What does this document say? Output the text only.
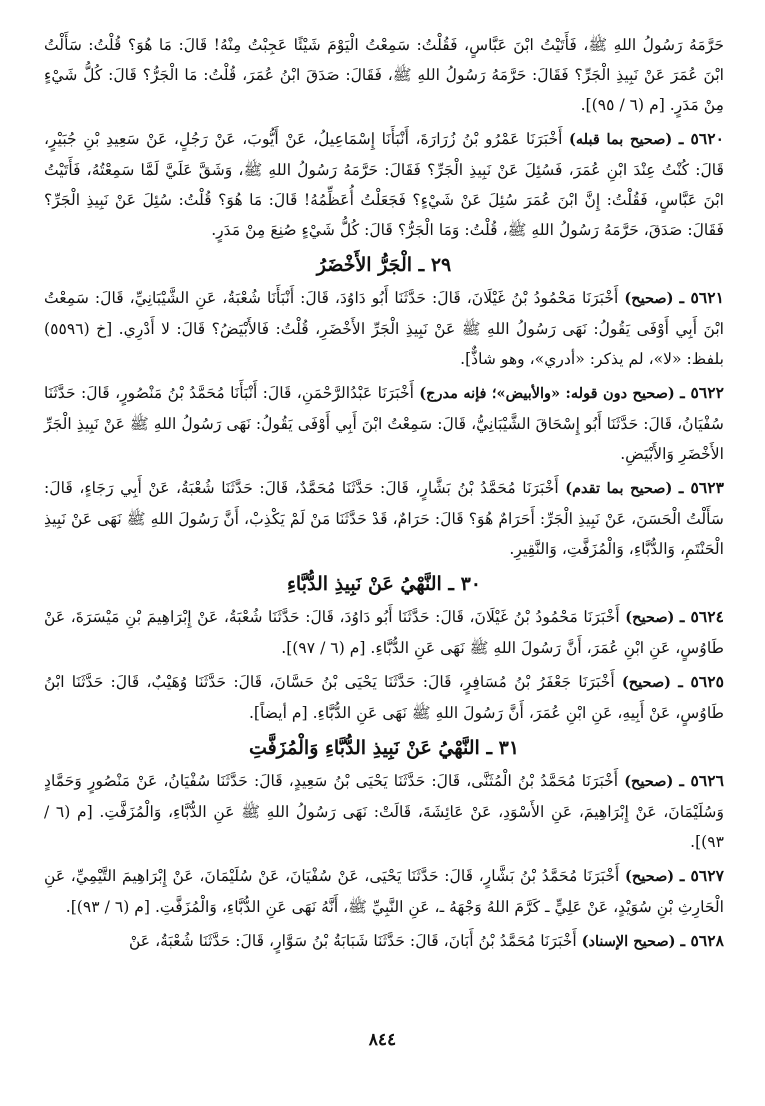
حَرَّمَهُ رَسُولُ اللهِ ﷺ، فَأَتَيْتُ ابْنَ عَبَّاسٍ، فَقُلْتُ: سَمِعْتُ الْيَوْمَ شَيْئًا عَجِبْتُ مِنْهُ! قَالَ: مَا هُوَ؟ قُلْتُ: سَأَلْتُ ابْنَ عُمَرَ عَنْ نَبِيذِ الْجَرِّ؟ فَقَالَ: حَرَّمَهُ رَسُولُ اللهِ ﷺ، فَقَالَ: صَدَقَ ابْنُ عُمَرَ، قُلْتُ: مَا الْجَرُّ؟ قَالَ: كُلُّ شَيْءٍ مِنْ مَدَرٍ. [م (٦ / ٩٥)].

٥٦٢٠ ـ (صحيح بما قبله) أَخْبَرَنَا عَمْرُو بْنُ زُرَارَةَ، أَنْبَأَنَا إِسْمَاعِيلُ، عَنْ أَيُّوبَ، عَنْ رَجُلٍ، عَنْ سَعِيدِ بْنِ جُبَيْرٍ، قَالَ: كُنْتُ عِنْدَ ابْنِ عُمَرَ، فَسُئِلَ عَنْ نَبِيذِ الْجَرِّ؟ فَقَالَ: حَرَّمَهُ رَسُولُ اللهِ ﷺ، وَشَقَّ عَلَيَّ لَمَّا سَمِعْتُهُ، فَأَتَيْتُ ابْنَ عَبَّاسٍ، فَقُلْتُ: إِنَّ ابْنَ عُمَرَ سُئِلَ عَنْ شَيْءٍ؟ فَجَعَلْتُ أُعَظِّمُهُ! قَالَ: مَا هُوَ؟ قُلْتُ: سُئِلَ عَنْ نَبِيذِ الْجَرِّ؟ فَقَالَ: صَدَقَ، حَرَّمَهُ رَسُولُ اللهِ ﷺ، قُلْتُ: وَمَا الْجَرُّ؟ قَالَ: كُلُّ شَيْءٍ صُنِعَ مِنْ مَدَرٍ.

٢٩ ـ الْجَرُّ الأَخْضَرُ

٥٦٢١ ـ (صحيح) أَخْبَرَنَا مَحْمُودُ بْنُ غَيْلَانَ، قَالَ: حَدَّثَنَا أَبُو دَاوُدَ، قَالَ: أَنْبَأَنَا شُعْبَةُ، عَنِ الشَّيْبَانِيِّ، قَالَ: سَمِعْتُ ابْنَ أَبِي أَوْفَى يَقُولُ: نَهَى رَسُولُ اللهِ ﷺ عَنْ نَبِيذِ الْجَرِّ الأَخْضَرِ، قُلْتُ: فَالأَبْيَضُ؟ قَالَ: لا أَدْرِي. [خ (٥٥٩٦) بلفظ: «لا»، لم يذكر: «أدري»، وهو شاذٌّ].

٥٦٢٢ ـ (صحيح دون قوله: «والأبيض»؛ فإنه مدرج) أَخْبَرَنَا عَبْدُالرَّحْمَنِ، قَالَ: أَنْبَأَنَا مُحَمَّدُ بْنُ مَنْصُورٍ، قَالَ: حَدَّثَنَا سُفْيَانُ، قَالَ: حَدَّثَنَا أَبُو إِسْحَاقَ الشَّيْبَانِيُّ، قَالَ: سَمِعْتُ ابْنَ أَبِي أَوْفَى يَقُولُ: نَهَى رَسُولُ اللهِ ﷺ عَنْ نَبِيذِ الْجَرِّ الأَخْضَرِ وَالأَبْيَضِ.

٥٦٢٣ ـ (صحيح بما تقدم) أَخْبَرَنَا مُحَمَّدُ بْنُ بَشَّارٍ، قَالَ: حَدَّثَنَا مُحَمَّدٌ، قَالَ: حَدَّثَنَا شُعْبَةُ، عَنْ أَبِي رَجَاءٍ، قَالَ: سَأَلْتُ الْحَسَنَ، عَنْ نَبِيذِ الْجَرِّ: أَحَرَامٌ هُوَ؟ قَالَ: حَرَامٌ، قَدْ حَدَّثَنَا مَنْ لَمْ يَكْذِبْ، أَنَّ رَسُولَ اللهِ ﷺ نَهَى عَنْ نَبِيذِ الْحَنْتَمِ، وَالدُّبَّاءِ، وَالْمُزَفَّتِ، وَالنَّقِيرِ.

٣٠ ـ النَّهْيُ عَنْ نَبِيذِ الدُّبَّاءِ

٥٦٢٤ ـ (صحيح) أَخْبَرَنَا مَحْمُودُ بْنُ غَيْلَانَ، قَالَ: حَدَّثَنَا أَبُو دَاوُدَ، قَالَ: حَدَّثَنَا شُعْبَةُ، عَنْ إِبْرَاهِيمَ بْنِ مَيْسَرَةَ، عَنْ طَاوُسٍ، عَنِ ابْنِ عُمَرَ، أَنَّ رَسُولَ اللهِ ﷺ نَهَى عَنِ الدُّبَّاءِ. [م (٦ / ٩٧)].

٥٦٢٥ ـ (صحيح) أَخْبَرَنَا جَعْفَرُ بْنُ مُسَافِرٍ، قَالَ: حَدَّثَنَا يَحْيَى بْنُ حَسَّانَ، قَالَ: حَدَّثَنَا وُهَيْبٌ، قَالَ: حَدَّثَنَا ابْنُ طَاوُسٍ، عَنْ أَبِيهِ، عَنِ ابْنِ عُمَرَ، أَنَّ رَسُولَ اللهِ ﷺ نَهَى عَنِ الدُّبَّاءِ. [م أيضاً].

٣١ ـ النَّهْيُ عَنْ نَبِيذِ الدُّبَّاءِ وَالْمُزَفَّتِ

٥٦٢٦ ـ (صحيح) أَخْبَرَنَا مُحَمَّدُ بْنُ الْمُثَنَّى، قَالَ: حَدَّثَنَا يَحْيَى بْنُ سَعِيدٍ، قَالَ: حَدَّثَنَا سُفْيَانُ، عَنْ مَنْصُورٍ وَحَمَّادٍ وَسُلَيْمَانَ، عَنْ إِبْرَاهِيمَ، عَنِ الأَسْوَدِ، عَنْ عَائِشَةَ، قَالَتْ: نَهَى رَسُولُ اللهِ ﷺ عَنِ الدُّبَّاءِ، وَالْمُزَفَّتِ. [م (٦ / ٩٣)].

٥٦٢٧ ـ (صحيح) أَخْبَرَنَا مُحَمَّدُ بْنُ بَشَّارٍ، قَالَ: حَدَّثَنَا يَحْيَى، عَنْ سُفْيَانَ، عَنْ سُلَيْمَانَ، عَنْ إِبْرَاهِيمَ التَّيْمِيِّ، عَنِ الْحَارِثِ بْنِ سُوَيْدٍ، عَنْ عَلِيٍّ ـ كَرَّمَ اللهُ وَجْهَهُ ـ، عَنِ النَّبِيِّ ﷺ، أَنَّهُ نَهَى عَنِ الدُّبَّاءِ، وَالْمُزَفَّتِ. [م (٦ / ٩٣)].

٥٦٢٨ ـ (صحيح الإسناد) أَخْبَرَنَا مُحَمَّدُ بْنُ أَبَانَ، قَالَ: حَدَّثَنَا شَبَابَةُ بْنُ سَوَّارٍ، قَالَ: حَدَّثَنَا شُعْبَةُ، عَنْ

٨٤٤
